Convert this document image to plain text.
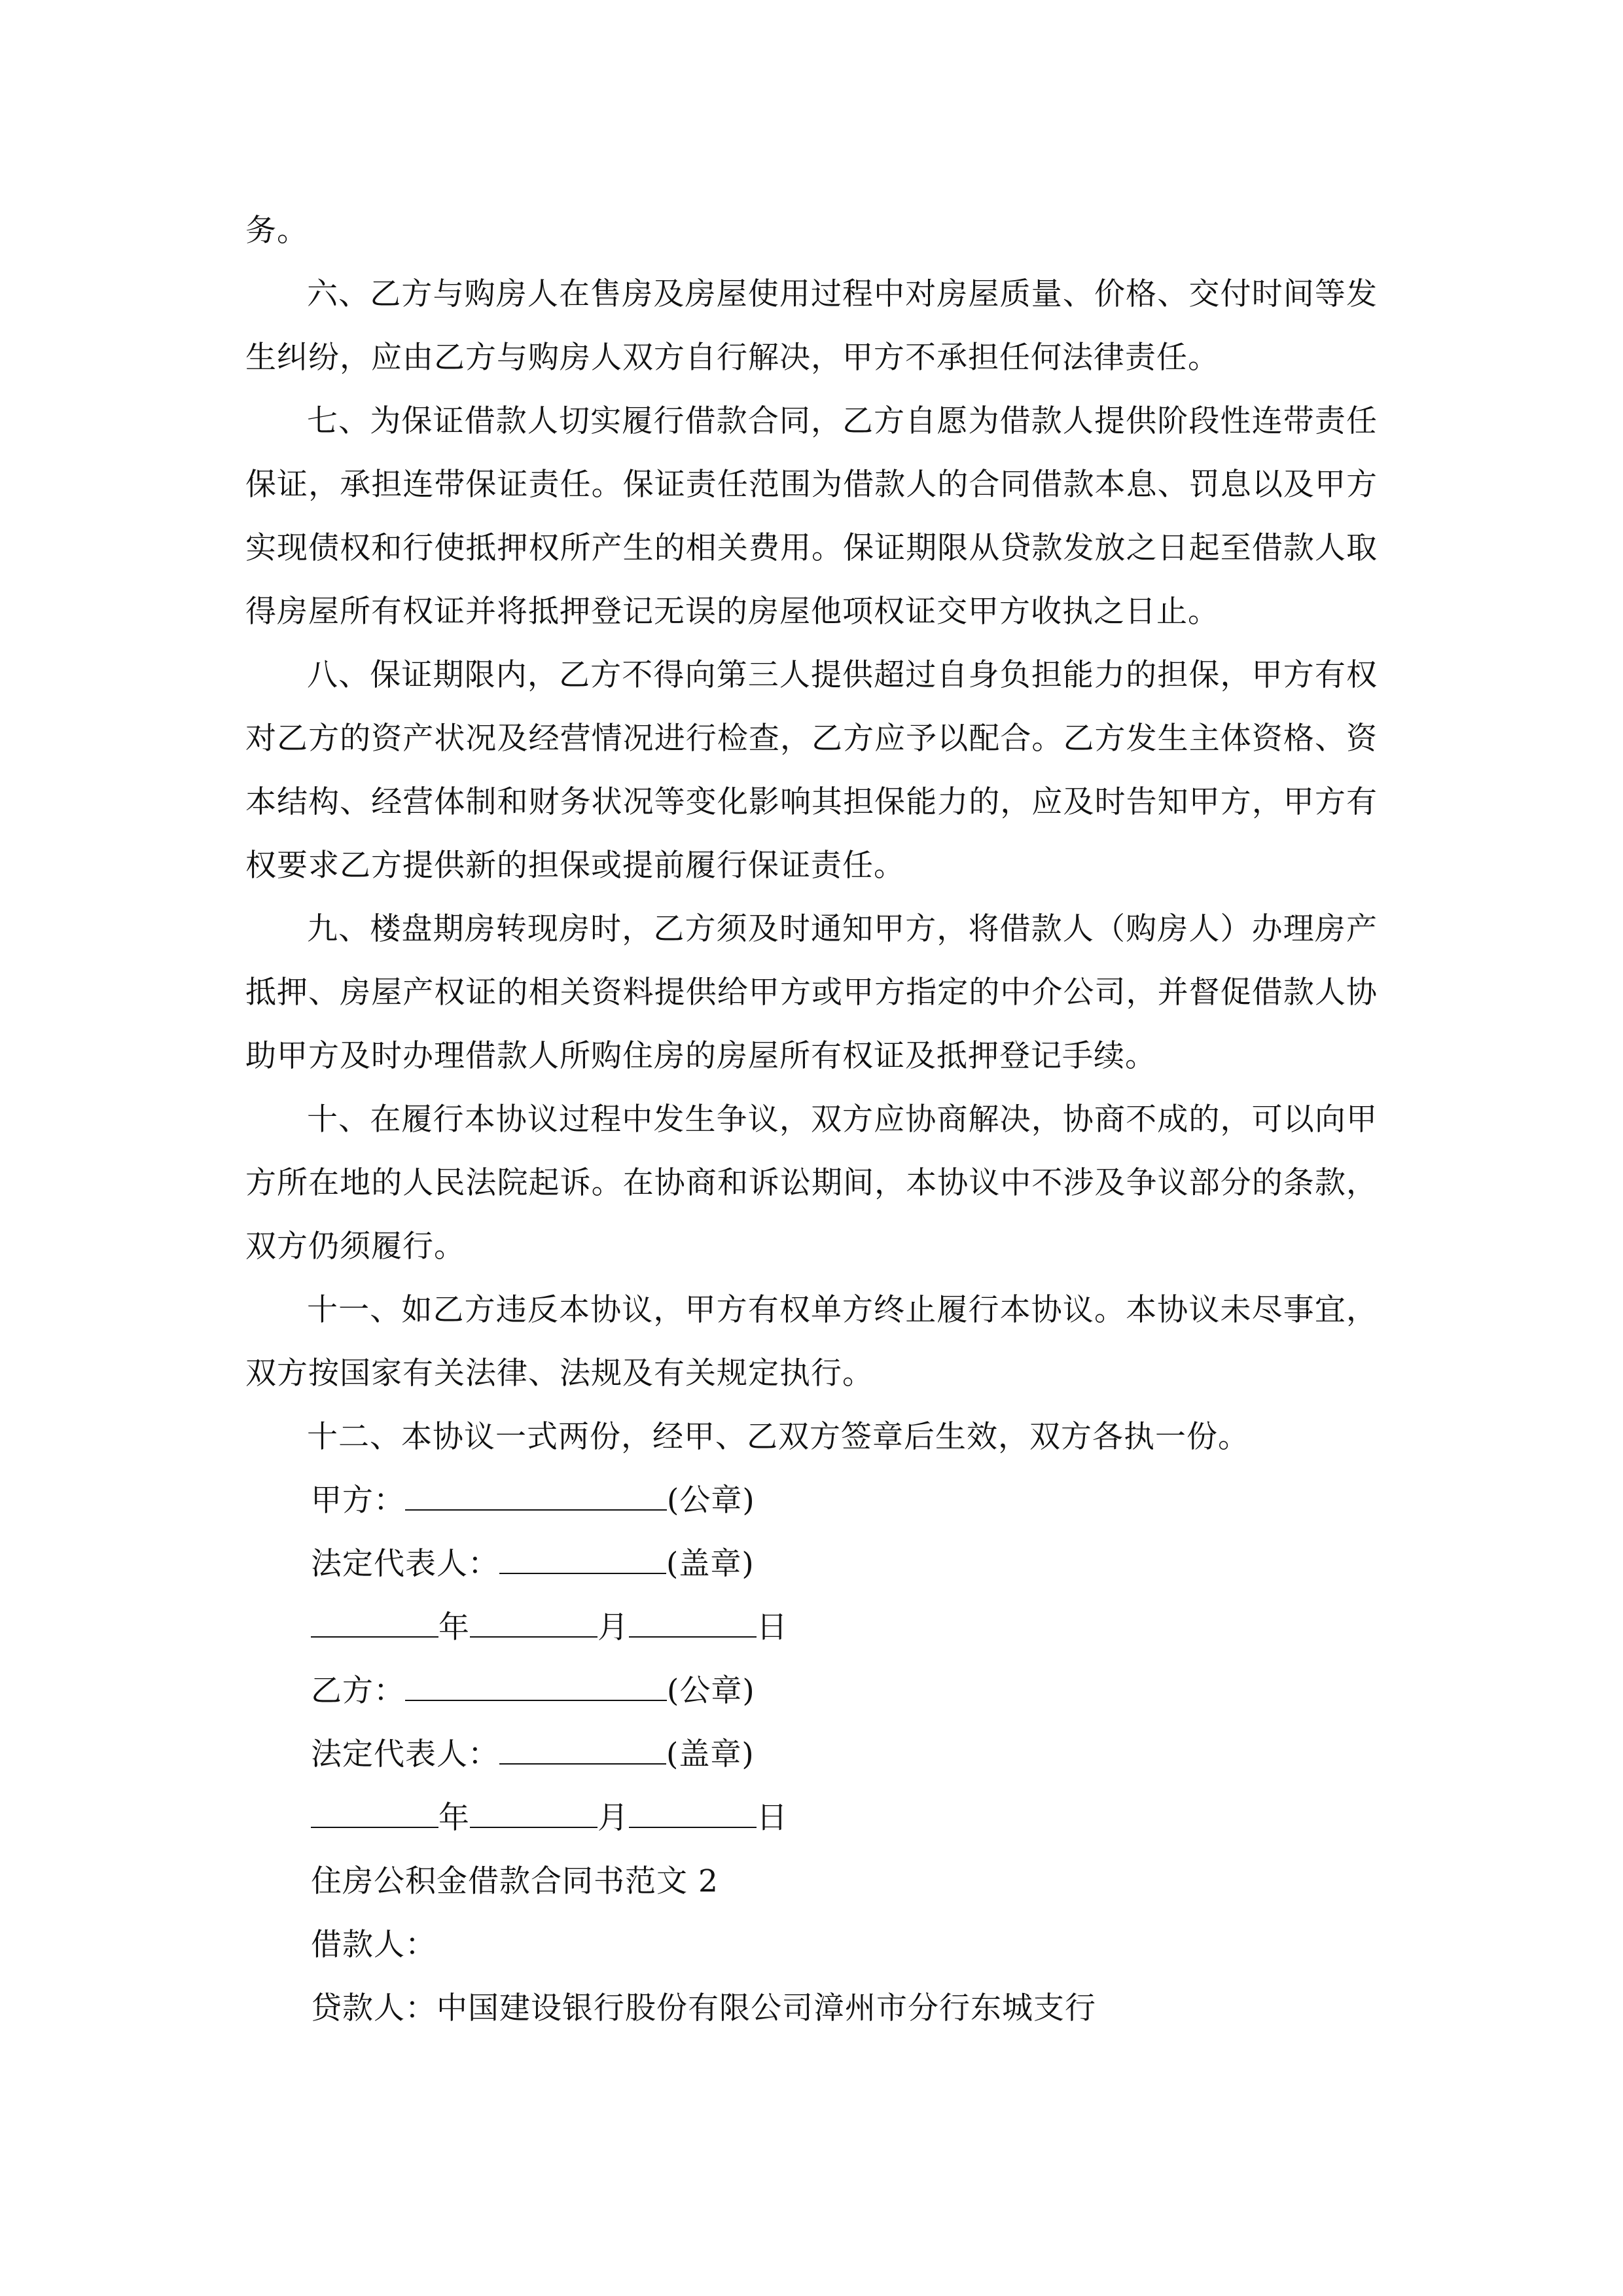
务。

六、乙方与购房人在售房及房屋使用过程中对房屋质量、价格、交付时间等发生纠纷，应由乙方与购房人双方自行解决，甲方不承担任何法律责任。

七、为保证借款人切实履行借款合同，乙方自愿为借款人提供阶段性连带责任保证，承担连带保证责任。保证责任范围为借款人的合同借款本息、罚息以及甲方实现债权和行使抵押权所产生的相关费用。保证期限从贷款发放之日起至借款人取得房屋所有权证并将抵押登记无误的房屋他项权证交甲方收执之日止。

八、保证期限内，乙方不得向第三人提供超过自身负担能力的担保，甲方有权对乙方的资产状况及经营情况进行检查，乙方应予以配合。乙方发生主体资格、资本结构、经营体制和财务状况等变化影响其担保能力的，应及时告知甲方，甲方有权要求乙方提供新的担保或提前履行保证责任。

九、楼盘期房转现房时，乙方须及时通知甲方，将借款人（购房人）办理房产抵押、房屋产权证的相关资料提供给甲方或甲方指定的中介公司，并督促借款人协助甲方及时办理借款人所购住房的房屋所有权证及抵押登记手续。

十、在履行本协议过程中发生争议，双方应协商解决，协商不成的，可以向甲方所在地的人民法院起诉。在协商和诉讼期间，本协议中不涉及争议部分的条款，双方仍须履行。

十一、如乙方违反本协议，甲方有权单方终止履行本协议。本协议未尽事宜，双方按国家有关法律、法规及有关规定执行。

十二、本协议一式两份，经甲、乙双方签章后生效，双方各执一份。

甲方：	(公章)
法定代表人：	(盖章)
年	月	日
乙方：	(公章)
法定代表人：	(盖章)
年	月	日
住房公积金借款合同书范文 2
借款人：
贷款人：中国建设银行股份有限公司漳州市分行东城支行
